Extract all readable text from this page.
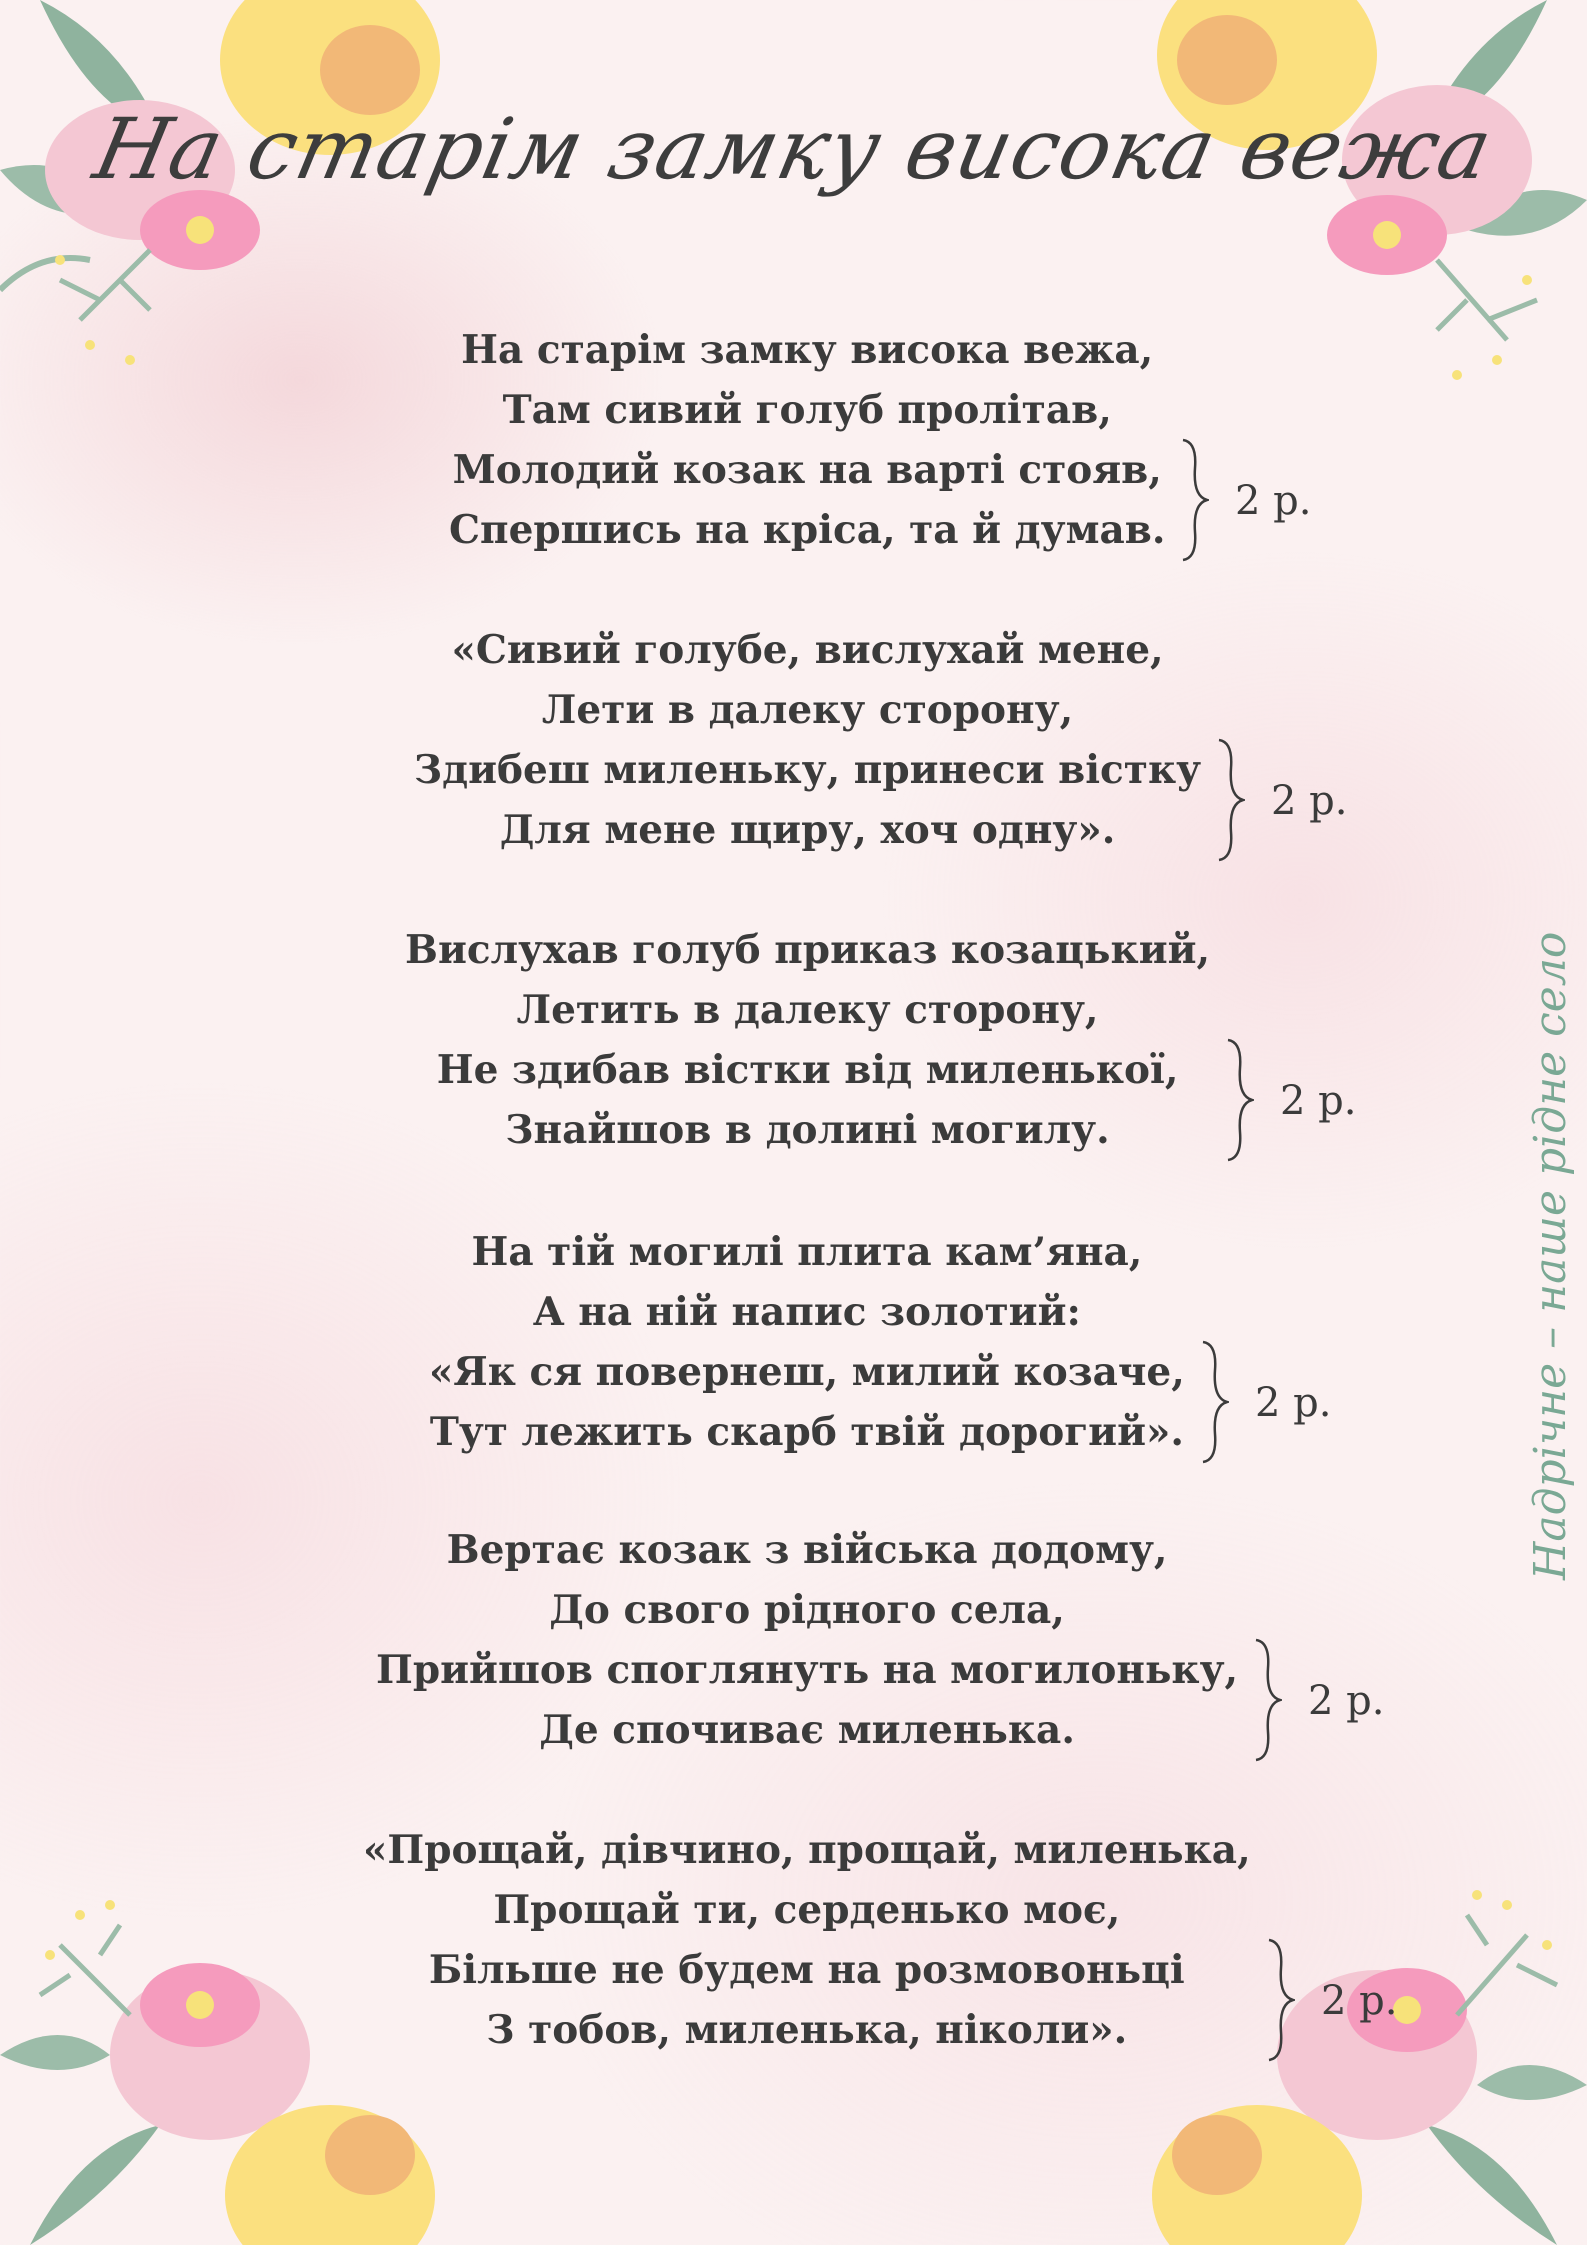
На старім замку висока вежа
На старім замку висока вежа,
Там сивий голуб пролітав,
Молодий козак на варті стояв,
Спершись на кріса, та й думав.
2 р.
«Сивий голубе, вислухай мене,
Лети в далеку сторону,
Здибеш миленьку, принеси вістку
Для мене щиру, хоч одну».
2 р.
Вислухав голуб приказ козацький,
Летить в далеку сторону,
Не здибав вістки від миленької,
Знайшов в долині могилу.
2 р.
На тій могилі плита кам’яна,
А на ній напис золотий:
«Як ся повернеш, милий козаче,
Тут лежить скарб твій дорогий».
2 р.
Вертає козак з війська додому,
До свого рідного села,
Прийшов споглянуть на могилоньку,
Де спочиває миленька.
2 р.
«Прощай, дівчино, прощай, миленька,
Прощай ти, серденько моє,
Більше не будем на розмовоньці
З тобов, миленька, ніколи».
2 р.
Надрічне – наше рідне село
